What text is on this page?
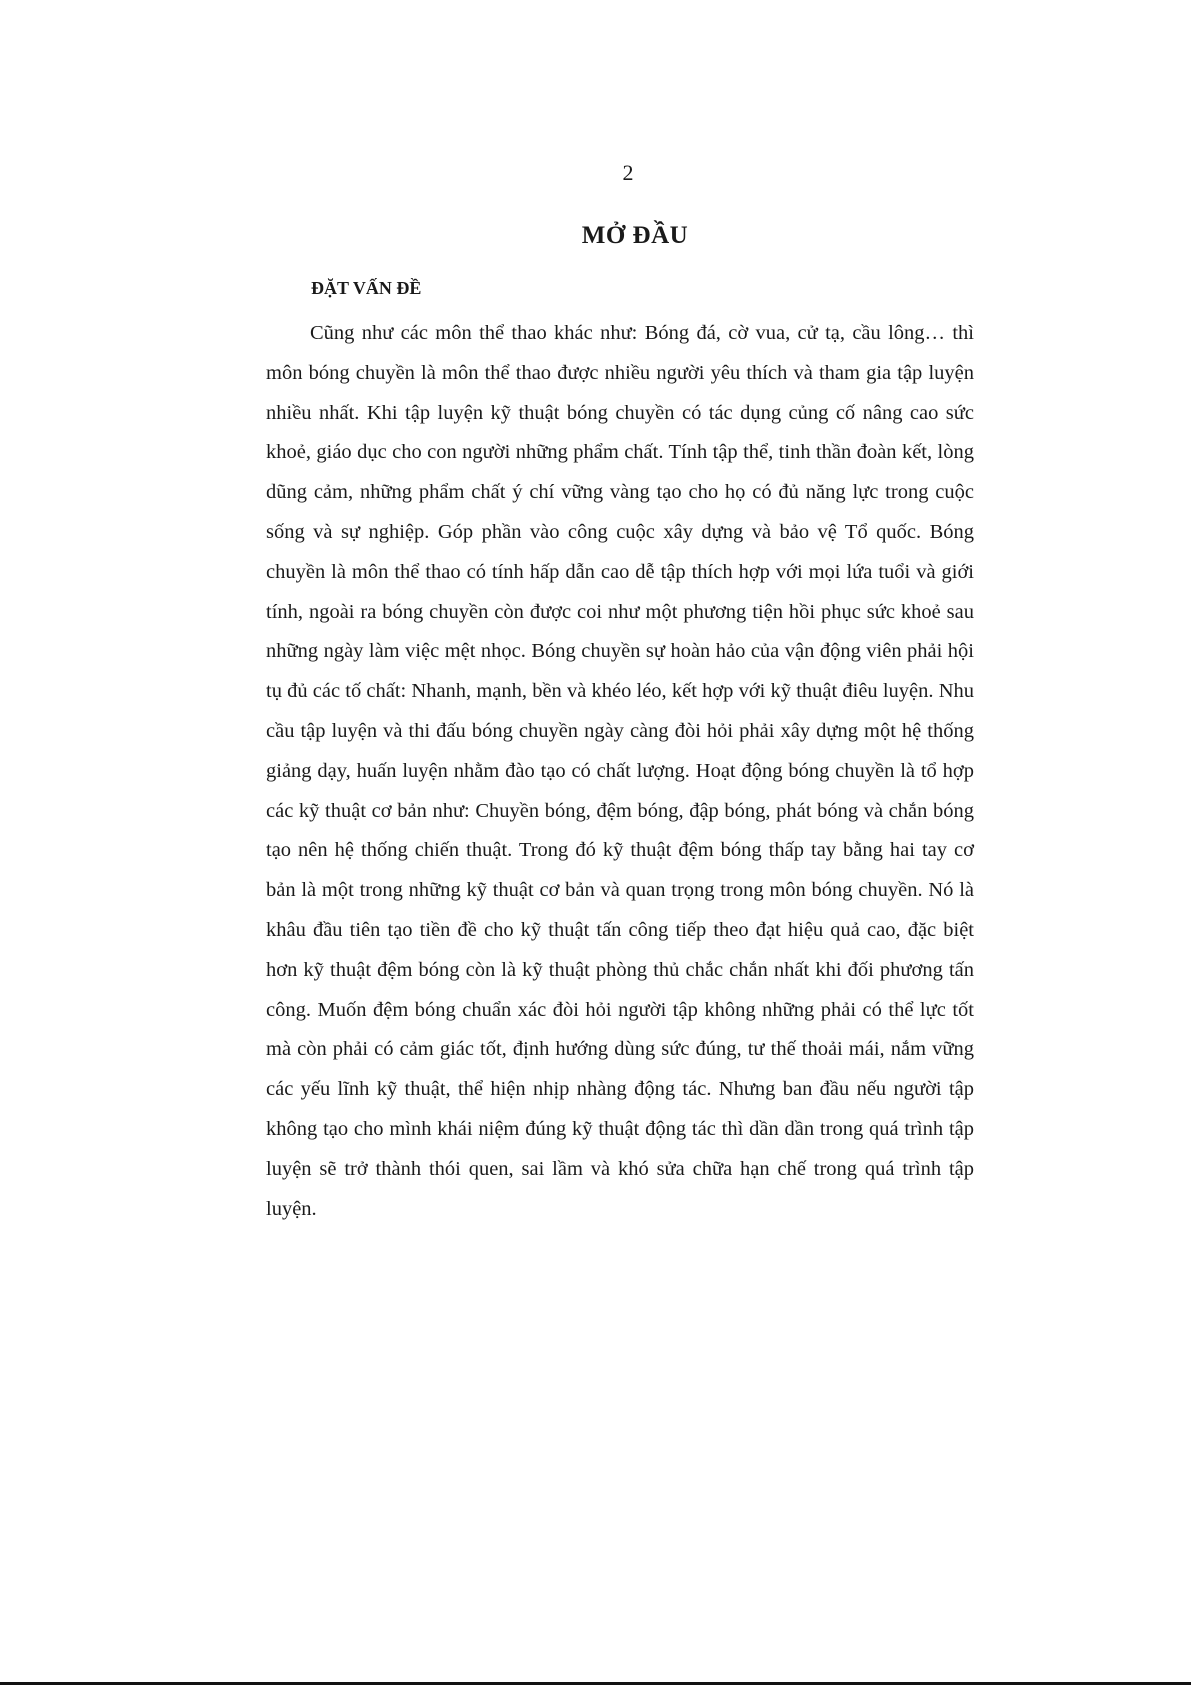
2
MỞ ĐẦU
ĐẶT VẤN ĐỀ

Cũng như các môn thể thao khác như: Bóng đá, cờ vua, cử tạ, cầu lông… thì môn bóng chuyền là môn thể thao được nhiều người yêu thích và tham gia tập luyện nhiều nhất. Khi tập luyện kỹ thuật bóng chuyền có tác dụng củng cố nâng cao sức khoẻ, giáo dục cho con người những phẩm chất. Tính tập thể, tinh thần đoàn kết, lòng dũng cảm, những phẩm chất ý chí vững vàng tạo cho họ có đủ năng lực trong cuộc sống và sự nghiệp. Góp phần vào công cuộc xây dựng và bảo vệ Tổ quốc. Bóng chuyền là môn thể thao có tính hấp dẫn cao dễ tập thích hợp với mọi lứa tuổi và giới tính, ngoài ra bóng chuyền còn được coi như một phương tiện hồi phục sức khoẻ sau những ngày làm việc mệt nhọc. Bóng chuyền sự hoàn hảo của vận động viên phải hội tụ đủ các tố chất: Nhanh, mạnh, bền và khéo léo, kết hợp với kỹ thuật điêu luyện. Nhu cầu tập luyện và thi đấu bóng chuyền ngày càng đòi hỏi phải xây dựng một hệ thống giảng dạy, huấn luyện nhằm đào tạo có chất lượng. Hoạt động bóng chuyền là tổ hợp các kỹ thuật cơ bản như: Chuyền bóng, đệm bóng, đập bóng, phát bóng và chắn bóng tạo nên hệ thống chiến thuật. Trong đó kỹ thuật đệm bóng thấp tay bằng hai tay cơ bản là một trong những kỹ thuật cơ bản và quan trọng trong môn bóng chuyền. Nó là khâu đầu tiên tạo tiền đề cho kỹ thuật tấn công tiếp theo đạt hiệu quả cao, đặc biệt hơn kỹ thuật đệm bóng còn là kỹ thuật phòng thủ chắc chắn nhất khi đối phương tấn công. Muốn đệm bóng chuẩn xác đòi hỏi người tập không những phải có thể lực tốt mà còn phải có cảm giác tốt, định hướng dùng sức đúng, tư thế thoải mái, nắm vững các yếu lĩnh kỹ thuật, thể hiện nhịp nhàng động tác. Nhưng ban đầu nếu người tập không tạo cho mình khái niệm đúng kỹ thuật động tác thì dần dần trong quá trình tập luyện sẽ trở thành thói quen, sai lầm và khó sửa chữa hạn chế trong quá trình tập luyện.
